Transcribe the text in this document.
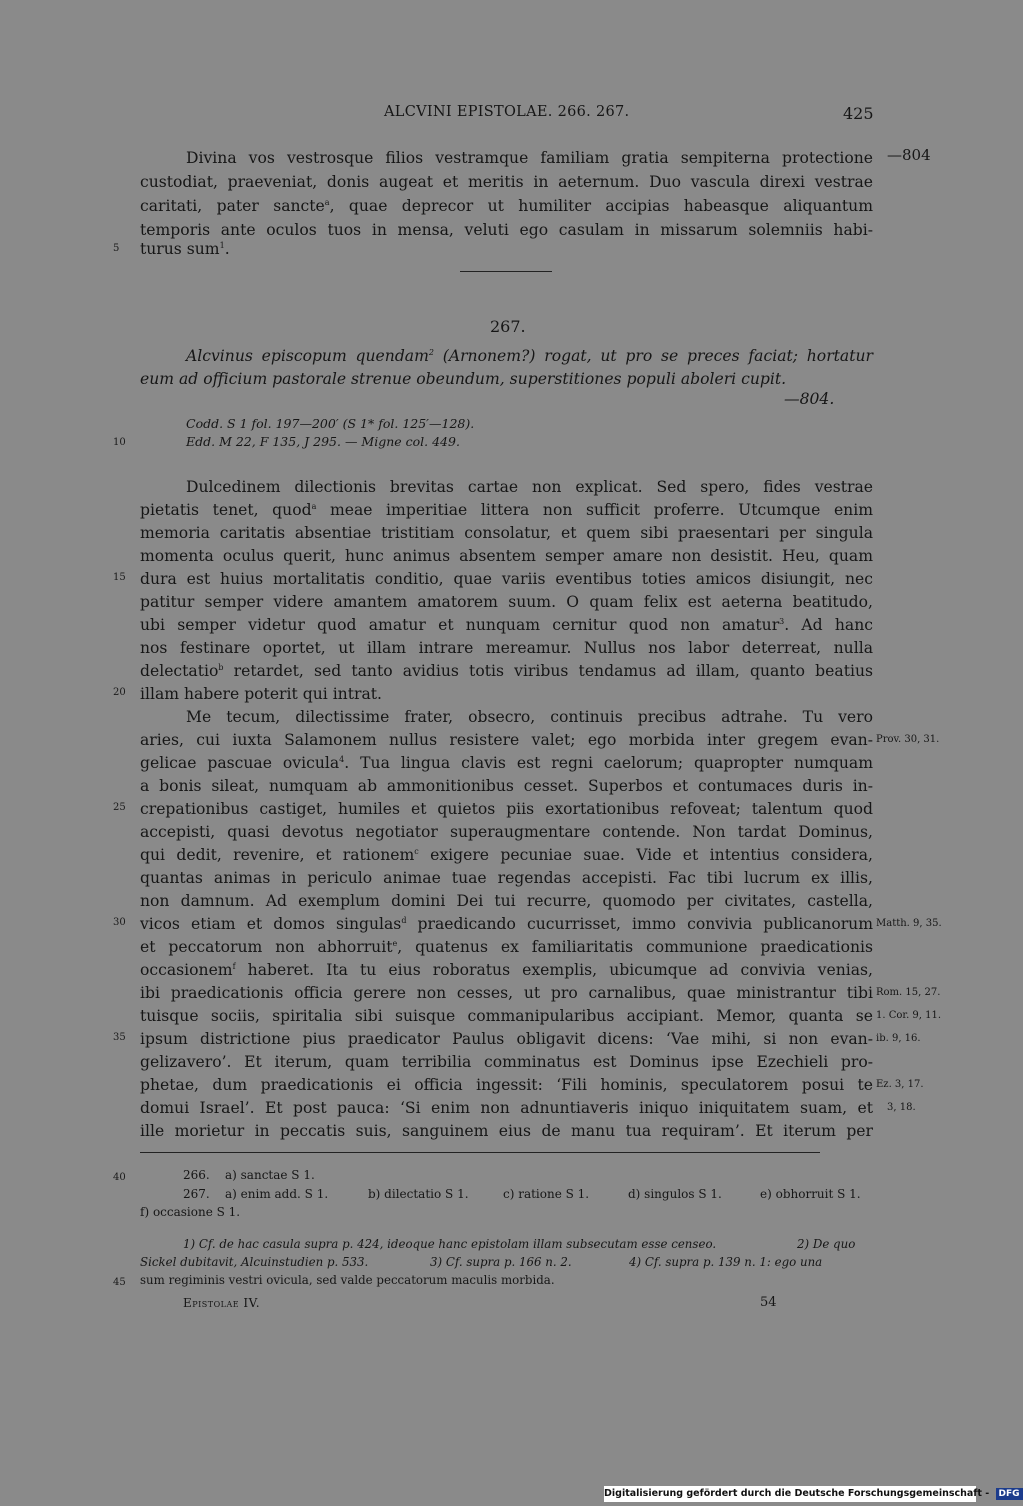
ALCVINI EPISTOLAE. 266. 267.	425
—804
Divina vos vestrosque filios vestramque familiam gratia sempiterna protectione
custodiat, praeveniat, donis augeat et meritis in aeternum. Duo vascula direxi vestrae
caritati, pater sancte$^a$, quae deprecor ut humiliter accipias habeasque aliquantum
temporis ante oculos tuos in mensa, veluti ego casulam in missarum solemniis habi-
5 turus sum$^1$.
267.
Alcvinus episcopum quendam$^2$ (Arnonem?) rogat, ut pro se preces faciat; hortatur
eum ad officium pastorale strenue obeundum, superstitiones populi aboleri cupit.
—804.
Codd. S 1 fol. 197—200′ (S 1* fol. 125′—128).
10	Edd. M 22, F 135, J 295. — Migne col. 449.
Dulcedinem dilectionis brevitas cartae non explicat. Sed spero, fides vestrae
pietatis tenet, quod$^a$ meae imperitiae littera non sufficit proferre. Utcumque enim
memoria caritatis absentiae tristitiam consolatur, et quem sibi praesentari per singula
momenta oculus querit, hunc animus absentem semper amare non desistit. Heu, quam
15 dura est huius mortalitatis conditio, quae variis eventibus toties amicos disiungit, nec
patitur semper videre amantem amatorem suum. O quam felix est aeterna beatitudo,
ubi semper videtur quod amatur et nunquam cernitur quod non amatur$^3$. Ad hanc
nos festinare oportet, ut illam intrare mereamur. Nullus nos labor deterreat, nulla
delectatio$^b$ retardet, sed tanto avidius totis viribus tendamus ad illam, quanto beatius
20 illam habere poterit qui intrat.
Me tecum, dilectissime frater, obsecro, continuis precibus adtrahe. Tu vero
aries, cui iuxta Salamonem nullus resistere valet; ego morbida inter gregem evan- Prov. 30, 31.
gelicae pascuae ovicula$^4$. Tua lingua clavis est regni caelorum; quapropter numquam
a bonis sileat, numquam ab ammonitionibus cesset. Superbos et contumaces duris in-
25 crepationibus castiget, humiles et quietos piis exortationibus refoveat; talentum quod
accepisti, quasi devotus negotiator superaugmentare contende. Non tardat Dominus,
qui dedit, revenire, et rationem$^c$ exigere pecuniae suae. Vide et intentius considera,
quantas animas in periculo animae tuae regendas accepisti. Fac tibi lucrum ex illis,
non damnum. Ad exemplum domini Dei tui recurre, quomodo per civitates, castella,
30 vicos etiam et domos singulas$^d$ praedicando cucurrisset, immo convivia publicanorum Matth. 9, 35.
et peccatorum non abhorruit$^e$, quatenus ex familiaritatis communione praedicationis
occasionem$^f$ haberet. Ita tu eius roboratus exemplis, ubicumque ad convivia venias,
ibi praedicationis officia gerere non cesses, ut pro carnalibus, quae ministrantur tibi Rom. 15, 27.
tuisque sociis, spiritalia sibi suisque commanipularibus accipiant. Memor, quanta se 1. Cor. 9, 11.
35 ipsum districtione pius praedicator Paulus obligavit dicens: ‘Vae mihi, si non evan- ib. 9, 16.
gelizavero’. Et iterum, quam terribilia comminatus est Dominus ipse Ezechieli pro-
phetae, dum praedicationis ei officia ingessit: ‘Fili hominis, speculatorem posui te Ez. 3, 17.
domui Israel’. Et post pauca: ‘Si enim non adnuntiaveris iniquo iniquitatem suam, et 3, 18.
ille morietur in peccatis suis, sanguinem eius de manu tua requiram’. Et iterum per
40	266. a) sanctae S 1.
267. a) enim add. S 1.	b) dilectatio S 1.	c) ratione S 1.	d) singulos S 1.	e) obhorruit S 1.
f) occasione S 1.
1) Cf. de hac casula supra p. 424, ideoque hanc epistolam illam subsecutam esse censeo.	2) De quo
Sickel dubitavit, Alcuinstudien p. 533.	3) Cf. supra p. 166 n. 2.	4) Cf. supra p. 139 n. 1: ego una
45 sum regiminis vestri ovicula, sed valde peccatorum maculis morbida.
Epistolae IV.	54
Digitalisierung gefördert durch die Deutsche Forschungsgemeinschaft - DFG
